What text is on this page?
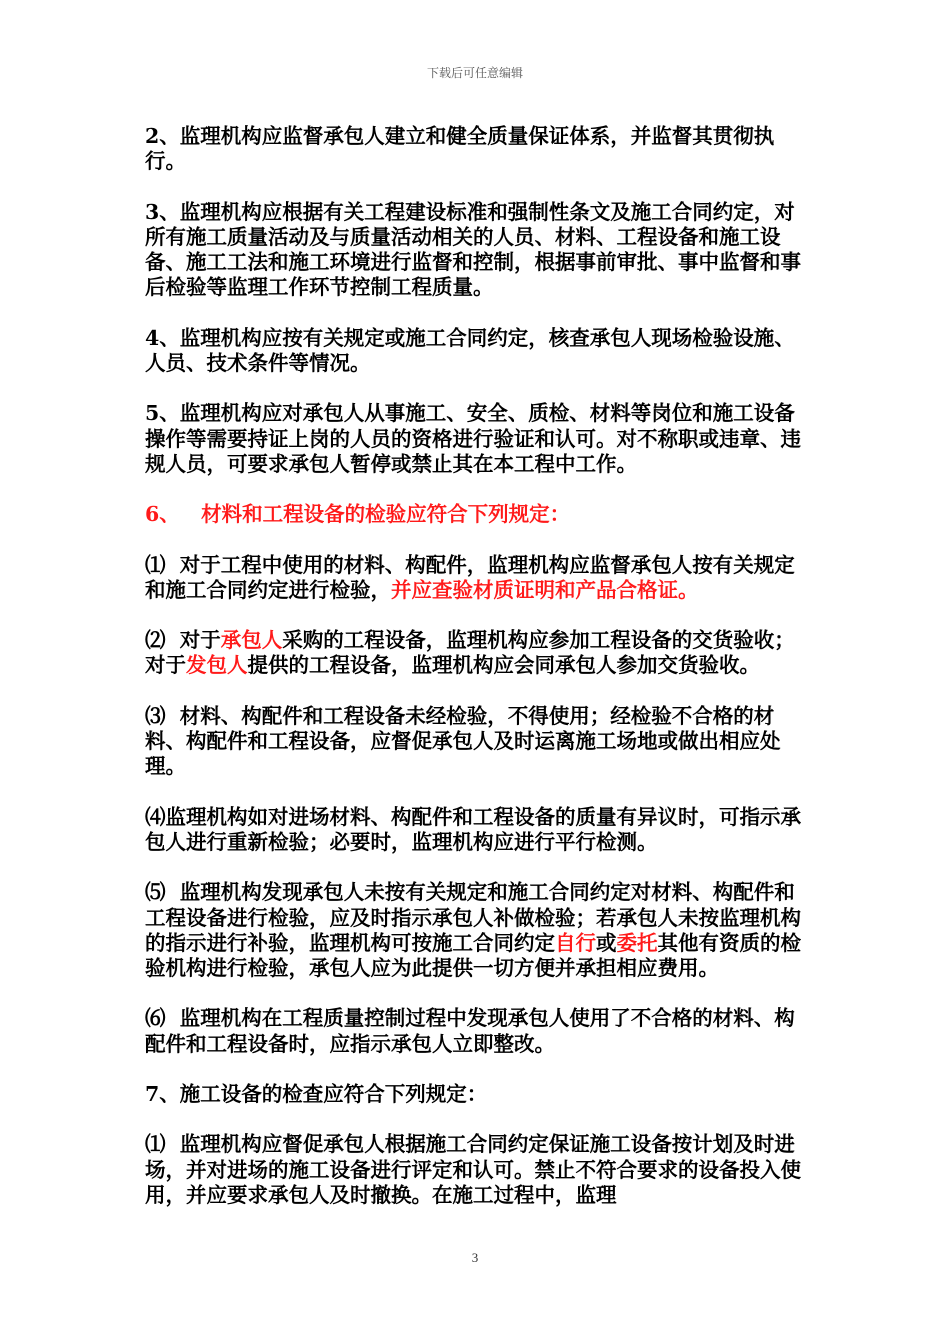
下载后可任意编辑

2、监理机构应监督承包人建立和健全质量保证体系，并监督其贯彻执行。

3、监理机构应根据有关工程建设标准和强制性条文及施工合同约定，对所有施工质量活动及与质量活动相关的人员、材料、工程设备和施工设备、施工工法和施工环境进行监督和控制，根据事前审批、事中监督和事后检验等监理工作环节控制工程质量。

4、监理机构应按有关规定或施工合同约定，核查承包人现场检验设施、人员、技术条件等情况。

5、监理机构应对承包人从事施工、安全、质检、材料等岗位和施工设备操作等需要持证上岗的人员的资格进行验证和认可。对不称职或违章、违规人员，可要求承包人暂停或禁止其在本工程中工作。

6、   材料和工程设备的检验应符合下列规定：

⑴  对于工程中使用的材料、构配件，监理机构应监督承包人按有关规定和施工合同约定进行检验，并应查验材质证明和产品合格证。

⑵  对于承包人采购的工程设备，监理机构应参加工程设备的交货验收；对于发包人提供的工程设备，监理机构应会同承包人参加交货验收。

⑶  材料、构配件和工程设备未经检验，不得使用；经检验不合格的材料、构配件和工程设备，应督促承包人及时运离施工场地或做出相应处理。

⑷监理机构如对进场材料、构配件和工程设备的质量有异议时，可指示承包人进行重新检验；必要时，监理机构应进行平行检测。

⑸  监理机构发现承包人未按有关规定和施工合同约定对材料、构配件和工程设备进行检验，应及时指示承包人补做检验；若承包人未按监理机构的指示进行补验，监理机构可按施工合同约定自行或委托其他有资质的检验机构进行检验，承包人应为此提供一切方便并承担相应费用。

⑹  监理机构在工程质量控制过程中发现承包人使用了不合格的材料、构配件和工程设备时，应指示承包人立即整改。

7、施工设备的检查应符合下列规定：

⑴  监理机构应督促承包人根据施工合同约定保证施工设备按计划及时进场，并对进场的施工设备进行评定和认可。禁止不符合要求的设备投入使用，并应要求承包人及时撤换。在施工过程中，监理

3
